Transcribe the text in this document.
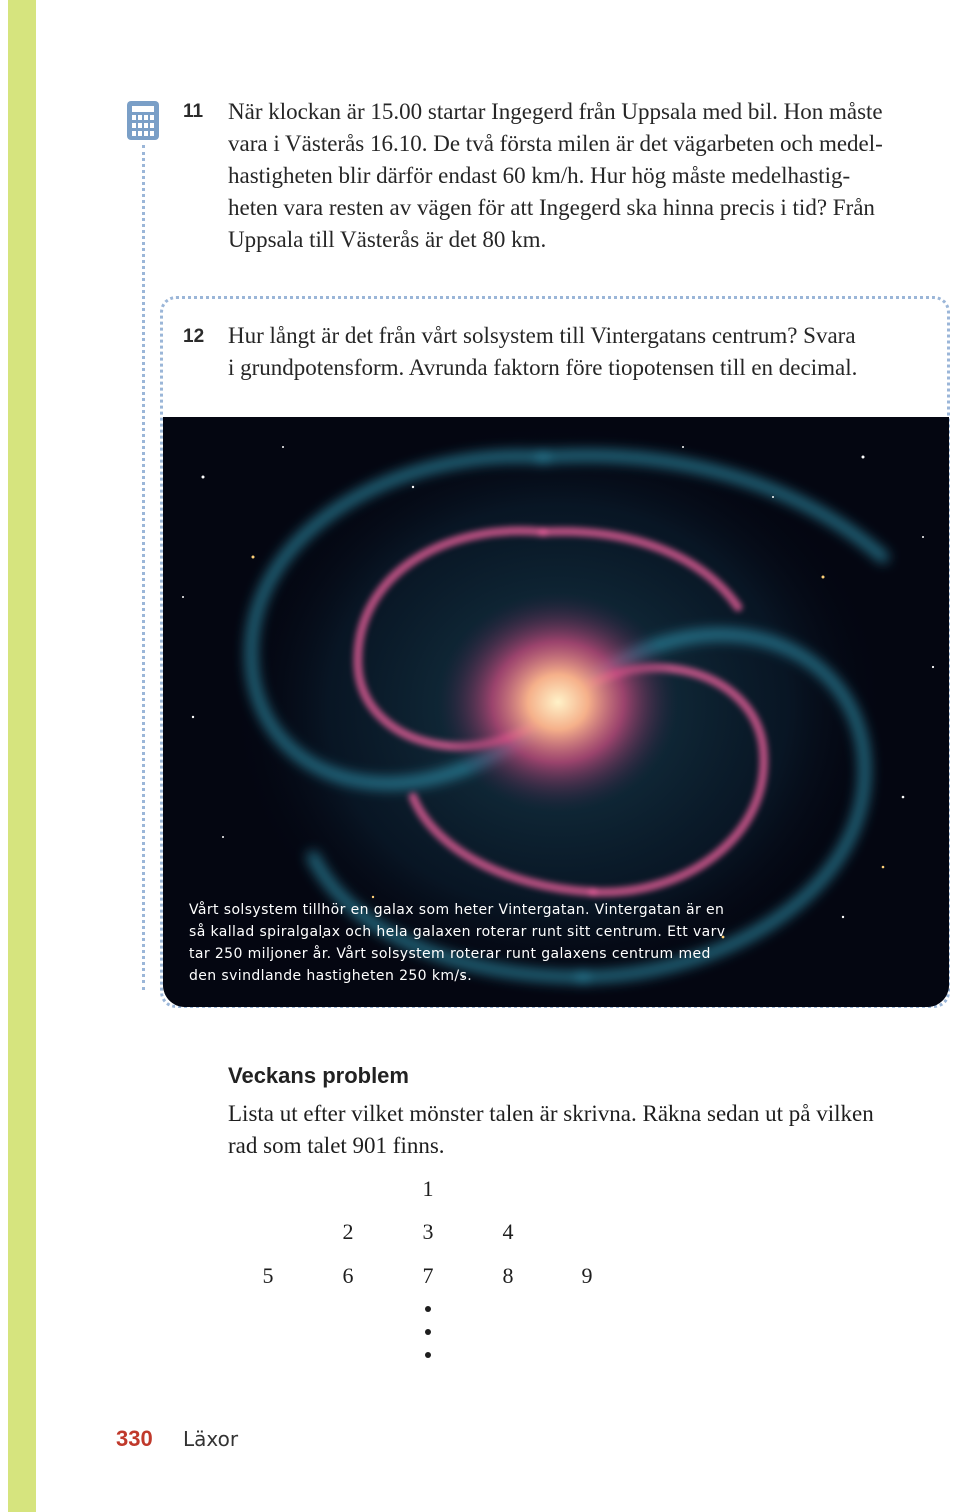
11 När klockan är 15.00 startar Ingegerd från Uppsala med bil. Hon måste
vara i Västerås 16.10. De två första milen är det vägarbeten och medel-
hastigheten blir därför endast 60 km/h. Hur hög måste medelhastig-
heten vara resten av vägen för att Ingegerd ska hinna precis i tid? Från
Uppsala till Västerås är det 80 km.
12 Hur långt är det från vårt solsystem till Vintergatans centrum? Svara
i grundpotensform. Avrunda faktorn före tiopotensen till en decimal.
Vårt solsystem tillhör en galax som heter Vintergatan. Vintergatan är en
så kallad spiralgalax och hela galaxen roterar runt sitt centrum. Ett varv
tar 250 miljoner år. Vårt solsystem roterar runt galaxens centrum med
den svindlande hastigheten 250 km/s.
Veckans problem
Lista ut efter vilket mönster talen är skrivna. Räkna sedan ut på vilken
rad som talet 901 finns.
1
2	3	4
5	6	7	8	9
330 Läxor
